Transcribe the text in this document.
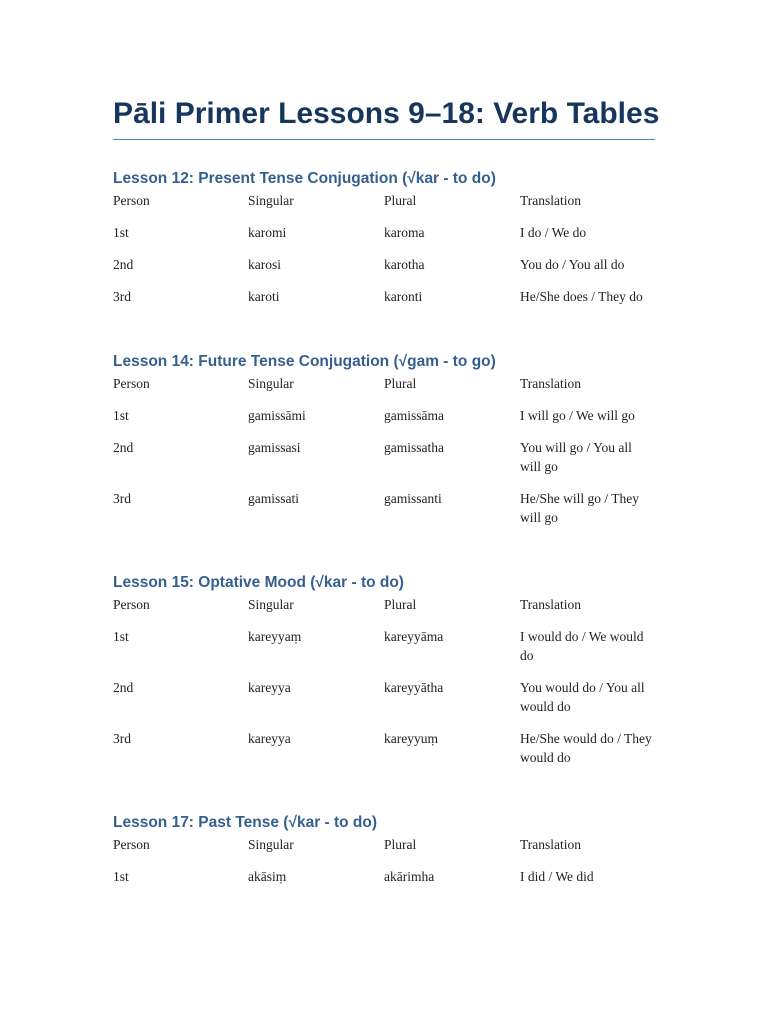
Pāli Primer Lessons 9–18: Verb Tables
Lesson 12: Present Tense Conjugation (√kar - to do)
Person	Singular	Plural	Translation
1st	karomi	karoma	I do / We do
2nd	karosi	karotha	You do / You all do
3rd	karoti	karonti	He/She does / They do
Lesson 14: Future Tense Conjugation (√gam - to go)
Person	Singular	Plural	Translation
1st	gamissāmi	gamissāma	I will go / We will go
2nd	gamissasi	gamissatha	You will go / You all will go
3rd	gamissati	gamissanti	He/She will go / They will go
Lesson 15: Optative Mood (√kar - to do)
Person	Singular	Plural	Translation
1st	kareyyaṃ	kareyyāma	I would do / We would do
2nd	kareyya	kareyyātha	You would do / You all would do
3rd	kareyya	kareyyuṃ	He/She would do / They would do
Lesson 17: Past Tense (√kar - to do)
Person	Singular	Plural	Translation
1st	akāsiṃ	akārimha	I did / We did
